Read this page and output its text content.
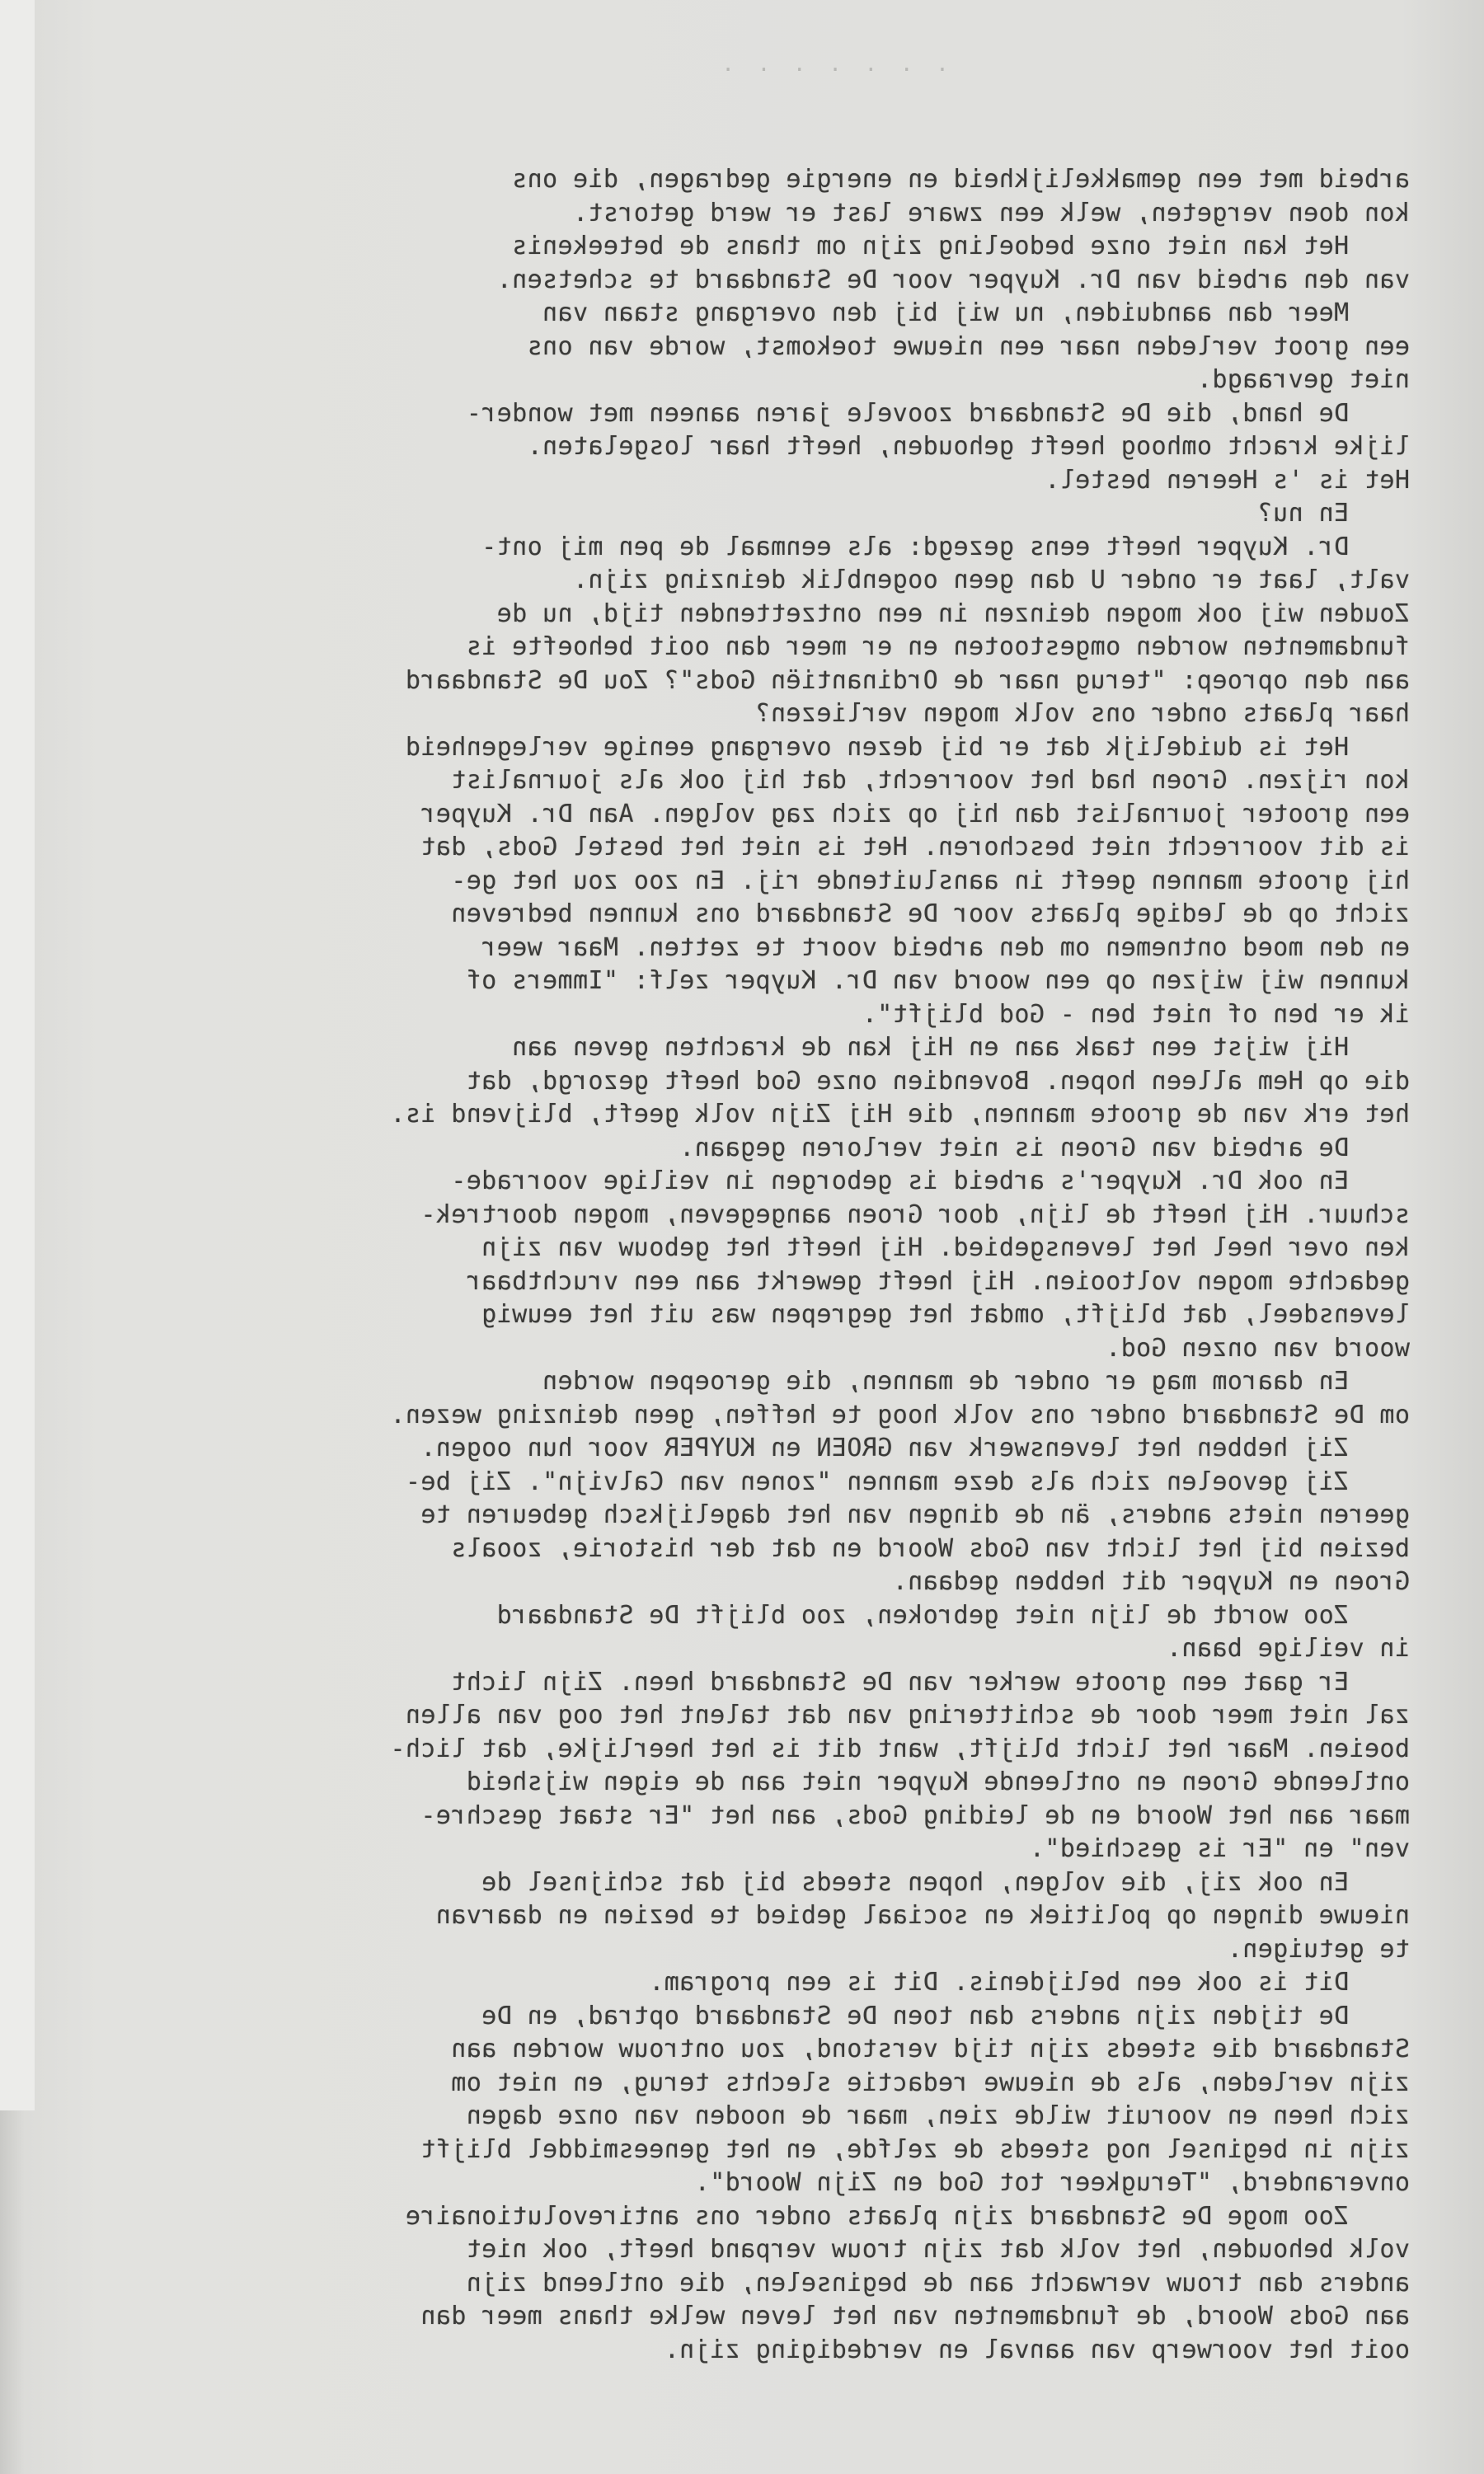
· · · · · · ·
arbeid met een gemakkelijkheid en energie gedragen, die ons
kon doen vergeten, welk een zware last er werd getorst.
Het kan niet onze bedoeling zijn om thans de beteekenis
van den arbeid van Dr. Kuyper voor De Standaard te schetsen.
Meer dan aanduiden, nu wij bij den overgang staan van
een groot verleden naar een nieuwe toekomst, worde van ons
niet gevraagd.
De hand, die De Standaard zoovele jaren aaneen met wonder-
lijke kracht omhoog heeft gehouden, heeft haar losgelaten.
Het is 's Heeren bestel.
En nu?
Dr. Kuyper heeft eens gezegd: als eenmaal de pen mij ont-
valt, laat er onder U dan geen oogenblik deinzing zijn.
Zouden wij ook mogen deinzen in een ontzettenden tijd, nu de
fundamenten worden omgestooten en er meer dan ooit behoefte is
aan den oproep: "terug naar de Ordinantiën Gods"? Zou De Standaard
haar plaats onder ons volk mogen verliezen?
Het is duidelijk dat er bij dezen overgang eenige verlegenheid
kon rijzen. Groen had het voorrecht, dat hij ook als journalist
een grooter journalist dan hij op zich zag volgen. Aan Dr. Kuyper
is dit voorrecht niet beschoren. Het is niet het bestel Gods, dat
hij groote mannen geeft in aansluitende rij. En zoo zou het ge-
zicht op de ledige plaats voor De Standaard ons kunnen bedreven
en den moed ontnemen om den arbeid voort te zetten. Maar weer
kunnen wij wijzen op een woord van Dr. Kuyper zelf: "Immers of
ik er ben of niet ben - God blijft".
Hij wijst een taak aan en Hij kan de krachten geven aan
die op Hem alleen hopen. Bovendien onze God heeft gezorgd, dat
het erk van de groote mannen, die Hij Zijn volk geeft, blijvend is.
De arbeid van Groen is niet verloren gegaan.
En ook Dr. Kuyper's arbeid is geborgen in veilige voorrade-
schuur. Hij heeft de lijn, door Groen aangegeven, mogen doortrek-
ken over heel het levensgebied. Hij heeft het gebouw van zijn
gedachte mogen voltooien. Hij heeft gewerkt aan een vruchtbaar
levensdeel, dat blijft, omdat het gegrepen was uit het eeuwig
woord van onzen God.
En daarom mag er onder de mannen, die geroepen worden
om De Standaard onder ons volk hoog te heffen, geen deinzing wezen.
Zij hebben het levenswerk van GROEN en KUYPER voor hun oogen.
Zij gevoelen zich als deze mannen "zonen van Calvijn". Zij be-
geeren niets anders, än de dingen van het dagelijksch gebeuren te
bezien bij het licht van Gods Woord en dat der historie, zooals
Groen en Kuyper dit hebben gedaan.
Zoo wordt de lijn niet gebroken, zoo blijft De Standaard
in veilige baan.
Er gaat een groote werker van De Standaard heen. Zijn licht
zal niet meer door de schittering van dat talent het oog van allen
boeien. Maar het licht blijft, want dit is het heerlijke, dat lich-
ontleende Groen en ontleende Kuyper niet aan de eigen wijsheid
maar aan het Woord en de leiding Gods, aan het "Er staat geschre-
ven" en "Er is geschied".
En ook zij, die volgen, hopen steeds bij dat schijnsel de
nieuwe dingen op politiek en sociaal gebied te bezien en daarvan
te getuigen.
Dit is ook een belijdenis. Dit is een program.
De tijden zijn anders dan toen De Standaard optrad, en De
Standaard die steeds zijn tijd verstond, zou ontrouw worden aan
zijn verleden, als de nieuwe redactie slechts terug, en niet om
zich heen en vooruit wilde zien, maar de nooden van onze dagen
zijn in beginsel nog steeds de zelfde, en het geneesmiddel blijft
onveranderd, "Terugkeer tot God en Zijn Woord".
Zoo moge De Standaard zijn plaats onder ons antirevolutionaire
volk behouden, het volk dat zijn trouw verpand heeft, ook niet
anders dan trouw verwacht aan de beginselen, die ontleend zijn
aan Gods Woord, de fundamenten van het leven welke thans meer dan
ooit het voorwerp van aanval en verdediging zijn.
